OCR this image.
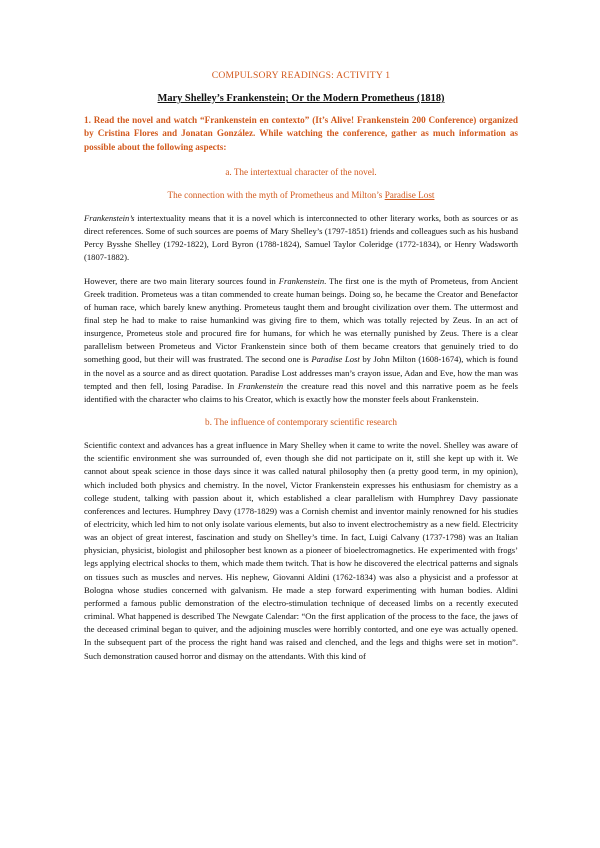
COMPULSORY READINGS: ACTIVITY 1
Mary Shelley’s Frankenstein; Or the Modern Prometheus (1818)
1. Read the novel and watch “Frankenstein en contexto” (It’s Alive! Frankenstein 200 Conference) organized by Cristina Flores and Jonatan González. While watching the conference, gather as much information as possible about the following aspects:
a. The intertextual character of the novel.
The connection with the myth of Prometheus and Milton’s Paradise Lost

Frankenstein’s intertextuality means that it is a novel which is interconnected to other literary works, both as sources or as direct references. Some of such sources are poems of Mary Shelley’s (1797-1851) friends and colleagues such as his husband Percy Bysshe Shelley (1792-1822), Lord Byron (1788-1824), Samuel Taylor Coleridge (1772-1834), or Henry Wadsworth (1807-1882).

However, there are two main literary sources found in Frankenstein. The first one is the myth of Prometeus, from Ancient Greek tradition. Prometeus was a titan commended to create human beings. Doing so, he became the Creator and Benefactor of human race, which barely knew anything. Prometeus taught them and brought civilization over them. The uttermost and final step he had to make to raise humankind was giving fire to them, which was totally rejected by Zeus. In an act of insurgence, Prometeus stole and procured fire for humans, for which he was eternally punished by Zeus. There is a clear parallelism between Prometeus and Victor Frankenstein since both of them became creators that genuinely tried to do something good, but their will was frustrated. The second one is Paradise Lost by John Milton (1608-1674), which is found in the novel as a source and as direct quotation. Paradise Lost addresses man’s crayon issue, Adan and Eve, how the man was tempted and then fell, losing Paradise. In Frankenstein the creature read this novel and this narrative poem as he feels identified with the character who claims to his Creator, which is exactly how the monster feels about Frankenstein.

b. The influence of contemporary scientific research

Scientific context and advances has a great influence in Mary Shelley when it came to write the novel. Shelley was aware of the scientific environment she was surrounded of, even though she did not participate on it, still she kept up with it. We cannot about speak science in those days since it was called natural philosophy then (a pretty good term, in my opinion), which included both physics and chemistry. In the novel, Victor Frankenstein expresses his enthusiasm for chemistry as a college student, talking with passion about it, which established a clear parallelism with Humphrey Davy passionate conferences and lectures. Humphrey Davy (1778-1829) was a Cornish chemist and inventor mainly renowned for his studies of electricity, which led him to not only isolate various elements, but also to invent electrochemistry as a new field. Electricity was an object of great interest, fascination and study on Shelley’s time. In fact, Luigi Calvany (1737-1798) was an Italian physician, physicist, biologist and philosopher best known as a pioneer of bioelectromagnetics. He experimented with frogs’ legs applying electrical shocks to them, which made them twitch. That is how he discovered the electrical patterns and signals on tissues such as muscles and nerves. His nephew, Giovanni Aldini (1762-1834) was also a physicist and a professor at Bologna whose studies concerned with galvanism. He made a step forward experimenting with human bodies. Aldini performed a famous public demonstration of the electro-stimulation technique of deceased limbs on a recently executed criminal. What happened is described The Newgate Calendar: “On the first application of the process to the face, the jaws of the deceased criminal began to quiver, and the adjoining muscles were horribly contorted, and one eye was actually opened. In the subsequent part of the process the right hand was raised and clenched, and the legs and thighs were set in motion”. Such demonstration caused horror and dismay on the attendants. With this kind of
